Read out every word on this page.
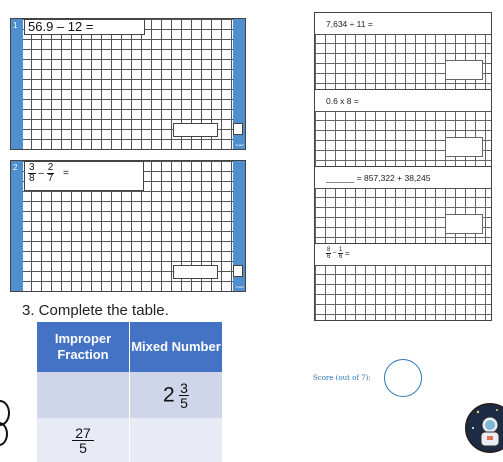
1 56.9 – 12 =
Graph
$2 \frac{3}{8} - \frac{2}{7}$ =
Graph
3. Complete the table.
Improper Fraction	Mixed Number
	$2 \frac{3}{5}$

$\frac{27}{5}$

7,634 ÷ 11 =
0.6 x 8 =
______ = 857,322 + 38,245
$\frac{8}{6} - \frac{1}{6}$ =
Score (out of 7):
